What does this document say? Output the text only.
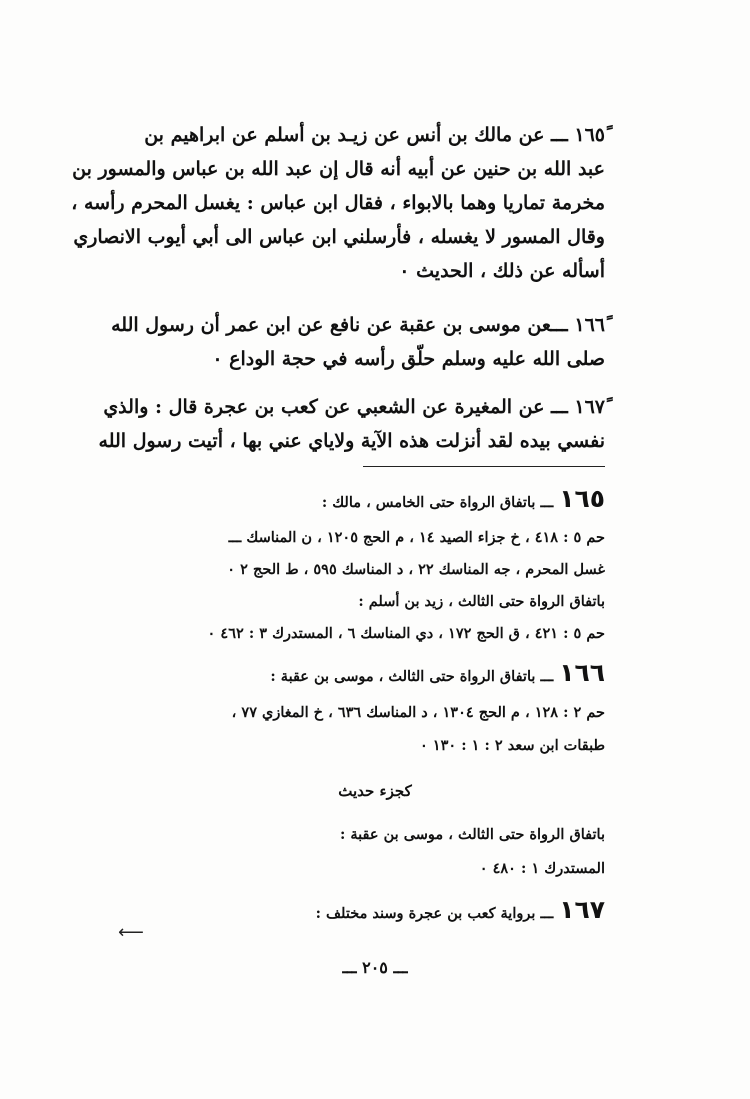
١٦٥ً ـــ عن مالك بن أنس عن زيـد بن أسلم عن ابراهيم بن
عبد الله بن حنين عن أبيه أنه قال إن عبد الله بن عباس والمسور بن
مخرمة تماريا وهما بالابواء ، فقال ابن عباس : يغسل المحرم رأسه ،
وقال المسور لا يغسله ، فأرسلني ابن عباس الى أبي أيوب الانصاري
أسأله عن ذلك ، الحديث ٠
١٦٦ً ـــعن موسى بن عقبة عن نافع عن ابن عمر أن رسول الله
صلى الله عليه وسلم حلّق رأسه في حجة الوداع ٠
١٦٧ً ـــ عن المغيرة عن الشعبي عن كعب بن عجرة قال : والذي
نفسي بيده لقد أنزلت هذه الآية ولاياي عني بها ، أتيت رسول الله
١٦٥ـــ باتفاق الرواة حتى الخامس ، مالك :
حم ٥ : ٤١٨ ، خ جزاء الصيد ١٤ ، م الحج ١٢٠٥ ، ن المناسك ـــ
غسل المحرم ، جه المناسك ٢٢ ، د المناسك ٥٩٥ ، ط الحج ٢ ٠
باتفاق الرواة حتى الثالث ، زيد بن أسلم :
حم ٥ : ٤٢١ ، ق الحج ١٧٢ ، دي المناسك ٦ ، المستدرك ٣ : ٤٦٢ ٠
١٦٦ـــ باتفاق الرواة حتى الثالث ، موسى بن عقبة :
حم ٢ : ١٢٨ ، م الحج ١٣٠٤ ، د المناسك ٦٣٦ ، خ المغازي ٧٧ ،
طبقات ابن سعد ٢ : ١ : ١٣٠ ٠
باتفاق الرواة حتى الثالث ، موسى بن عقبة :
المستدرك ١ : ٤٨٠ ٠
١٦٧ـــ برواية كعب بن عجرة وسند مختلف :
كجزء حديث
⟵
ـــ ٢٠٥ ـــ
